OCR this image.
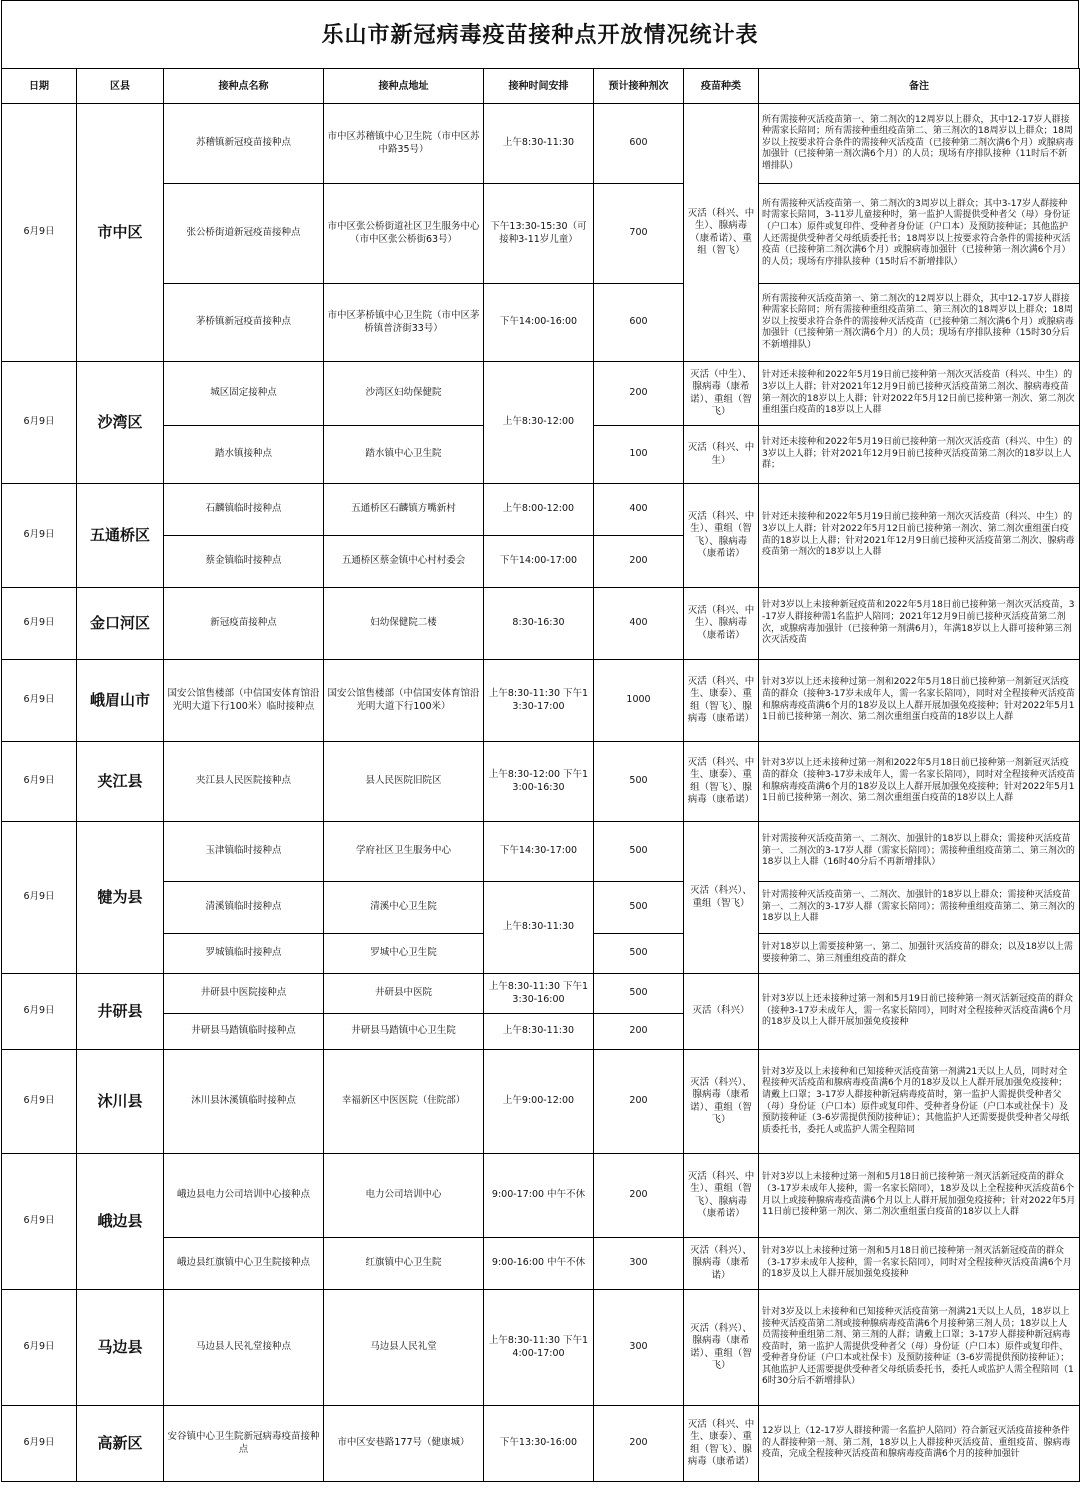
乐山市新冠病毒疫苗接种点开放情况统计表
日期	区县	接种点名称	接种点地址	接种时间安排	预计接种剂次	疫苗种类	备注
6月9日	市中区	苏稽镇新冠疫苗接种点	市中区苏稽镇中心卫生院（市中区苏中路35号）	上午8:30-11:30	600	灭活（科兴、中生）、腺病毒（康希诺）、重组（智飞）	所有需接种灭活疫苗第一、第二剂次的12周岁以上群众，其中12-17岁人群接种需家长陪同；所有需接种重组疫苗第二、第三剂次的18周岁以上群众；18周岁以上按要求符合条件的需接种灭活疫苗（已接种第二剂次满6个月）或腺病毒加强针（已接种第一剂次满6个月）的人员；现场有序排队接种（11时后不新增排队）
		张公桥街道新冠疫苗接种点	市中区张公桥街道社区卫生服务中心（市中区张公桥街63号）	下午13:30-15:30（可接种3-11岁儿童）	700		所有需接种灭活疫苗第一、第二剂次的3周岁以上群众；其中3-17岁人群接种时需家长陪同，3-11岁儿童接种时，第一监护人需提供受种者父（母）身份证（户口本）原件或复印件、受种者身份证（户口本）及预防接种证；其他监护人还需提供受种者父母纸质委托书；18周岁以上按要求符合条件的需接种灭活疫苗（已接种第二剂次满6个月）或腺病毒加强针（已接种第一剂次满6个月）的人员；现场有序排队接种（15时后不新增排队）
		茅桥镇新冠疫苗接种点	市中区茅桥镇中心卫生院（市中区茅桥镇普济街33号）	下午14:00-16:00	600		所有需接种灭活疫苗第一、第二剂次的12周岁以上群众，其中12-17岁人群接种需家长陪同；所有需接种重组疫苗第二、第三剂次的18周岁以上群众；18周岁以上按要求符合条件的需接种灭活疫苗（已接种第二剂次满6个月）或腺病毒加强针（已接种第一剂次满6个月）的人员；现场有序排队接种（15时30分后不新增排队）
6月9日	沙湾区	城区固定接种点	沙湾区妇幼保健院	上午8:30-12:00	200	灭活（中生）、腺病毒（康希诺）、重组（智飞）	针对还未接种和2022年5月19日前已接种第一剂次灭活疫苗（科兴、中生）的3岁以上人群；针对2021年12月9日前已接种灭活疫苗第二剂次、腺病毒疫苗第一剂次的18岁以上人群；针对2022年5月12日前已接种第一剂次、第二剂次重组蛋白疫苗的18岁以上人群
		踏水镇接种点	踏水镇中心卫生院		100	灭活（科兴、中生）	针对还未接种和2022年5月19日前已接种第一剂次灭活疫苗（科兴、中生）的3岁以上人群；针对2021年12月9日前已接种灭活疫苗第二剂次的18岁以上人群；
6月9日	五通桥区	石麟镇临时接种点	五通桥区石麟镇方嘴新村	上午8:00-12:00	400	灭活（科兴、中生）、重组（智飞）、腺病毒（康希诺）	针对还未接种和2022年5月19日前已接种第一剂次灭活疫苗（科兴、中生）的3岁以上人群；针对2022年5月12日前已接种第一剂次、第二剂次重组蛋白疫苗的18岁以上人群；针对2021年12月9日前已接种灭活疫苗第二剂次、腺病毒疫苗第一剂次的18岁以上人群
		蔡金镇临时接种点	五通桥区蔡金镇中心村村委会	下午14:00-17:00	200		
6月9日	金口河区	新冠疫苗接种点	妇幼保健院二楼	8:30-16:30	400	灭活（科兴、中生）、腺病毒（康希诺）	针对3岁以上未接种新冠疫苗和2022年5月18日前已接种第一剂次灭活疫苗，3-17岁人群接种需1名监护人陪同；2021年12月9日前已接种灭活疫苗第二剂次，或腺病毒加强针（已接种第一剂满6月），年满18岁以上人群可接种第三剂次灭活疫苗
6月9日	峨眉山市	国安公馆售楼部（中信国安体育馆沿光明大道下行100米）临时接种点	国安公馆售楼部（中信国安体育馆沿光明大道下行100米）	上午8:30-11:30 下午13:30-17:00	1000	灭活（科兴、中生、康泰）、重组（智飞）、腺病毒（康希诺）	针对3岁以上还未接种过第一剂和2022年5月18日前已接种第一剂新冠灭活疫苗的群众（接种3-17岁未成年人，需一名家长陪同），同时对全程接种灭活疫苗和腺病毒疫苗满6个月的18岁及以上人群开展加强免疫接种；针对2022年5月11日前已接种第一剂次、第二剂次重组蛋白疫苗的18岁以上人群
6月9日	夹江县	夹江县人民医院接种点	县人民医院旧院区	上午8:30-12:00 下午13:00-16:30	500	灭活（科兴、中生、康泰）、重组（智飞）、腺病毒（康希诺）	针对3岁以上还未接种过第一剂和2022年5月18日前已接种第一剂新冠灭活疫苗的群众（接种3-17岁未成年人，需一名家长陪同），同时对全程接种灭活疫苗和腺病毒疫苗满6个月的18岁及以上人群开展加强免疫接种；针对2022年5月11日前已接种第一剂次、第二剂次重组蛋白疫苗的18岁以上人群
6月9日	犍为县	玉津镇临时接种点	学府社区卫生服务中心	下午14:30-17:00	500	灭活（科兴）、重组（智飞）	针对需接种灭活疫苗第一、二剂次、加强针的18岁以上群众；需接种灭活疫苗第一、二剂次的3-17岁人群（需家长陪同）；需接种重组疫苗第二、第三剂次的18岁以上人群（16时40分后不再新增排队）
		清溪镇临时接种点	清溪中心卫生院	上午8:30-11:30	500		针对需接种灭活疫苗第一、二剂次、加强针的18岁以上群众；需接种灭活疫苗第一、二剂次的3-17岁人群（需家长陪同）；需接种重组疫苗第二、第三剂次的18岁以上人群
		罗城镇临时接种点	罗城中心卫生院		500		针对18岁以上需要接种第一、第二、加强针灭活疫苗的群众；以及18岁以上需要接种第二、第三剂重组疫苗的群众
6月9日	井研县	井研县中医院接种点	井研县中医院	上午8:30-11:30 下午13:30-16:00	500	灭活（科兴）	针对3岁以上还未接种过第一剂和5月19日前已接种第一剂灭活新冠疫苗的群众（接种3-17岁未成年人，需一名家长陪同），同时对全程接种灭活疫苗满6个月的18岁及以上人群开展加强免疫接种
		井研县马踏镇临时接种点	井研县马踏镇中心卫生院	上午8:30-11:30	200		
6月9日	沐川县	沐川县沐溪镇临时接种点	幸福新区中医医院（住院部）	上午9:00-12:00	200	灭活（科兴）、腺病毒（康希诺）、重组（智飞）	针对3岁及以上未接种和已知接种灭活疫苗第一剂满21天以上人员，同时对全程接种灭活疫苗和腺病毒疫苗满6个月的18岁及以上人群开展加强免疫接种；请戴上口罩；3-17岁人群接种新冠病毒疫苗时，第一监护人需提供受种者父（母）身份证（户口本）原件或复印件、受种者身份证（户口本或社保卡）及预防接种证（3-6岁需提供预防接种证）；其他监护人还需要提供受种者父母纸质委托书，委托人或监护人需全程陪同
6月9日	峨边县	峨边县电力公司培训中心接种点	电力公司培训中心	9:00-17:00 中午不休	200	灭活（科兴、中生）、重组（智飞）、腺病毒（康希诺）	针对3岁以上未接种过第一剂和5月18日前已接种第一剂灭活新冠疫苗的群众（3-17岁未成年人接种，需一名家长陪同），18岁及以上全程接种灭活疫苗6个月以上或接种腺病毒疫苗满6个月以上人群开展加强免疫接种；针对2022年5月11日前已接种第一剂次、第二剂次重组蛋白疫苗的18岁以上人群
		峨边县红旗镇中心卫生院接种点	红旗镇中心卫生院	9:00-16:00 中午不休	300	灭活（科兴）、腺病毒（康希诺）	针对3岁以上未接种过第一剂和5月18日前已接种第一剂灭活新冠疫苗的群众（3-17岁未成年人接种，需一名家长陪同），同时对全程接种灭活疫苗满6个月的18岁及以上人群开展加强免疫接种
6月9日	马边县	马边县人民礼堂接种点	马边县人民礼堂	上午8:30-11:30 下午14:00-17:00	300	灭活（科兴）、腺病毒（康希诺）、重组（智飞）	针对3岁及以上未接种和已知接种灭活疫苗第一剂满21天以上人员，18岁以上接种灭活疫苗第二剂或接种腺病毒疫苗满6个月接种第三剂人员；18岁以上人员需接种重组第二剂、第三剂的人群；请戴上口罩；3-17岁人群接种新冠病毒疫苗时，第一监护人需提供受种者父（母）身份证（户口本）原件或复印件、受种者身份证（户口本或社保卡）及预防接种证（3-6岁需提供预防接种证）；其他监护人还需要提供受种者父母纸质委托书，委托人或监护人需全程陪同（16时30分后不新增排队）
6月9日	高新区	安谷镇中心卫生院新冠病毒疫苗接种点	市中区安巷路177号（健康城）	下午13:30-16:00	200	灭活（科兴、中生、康泰）、重组（智飞）、腺病毒（康希诺）	12岁以上（12-17岁人群接种需一名监护人陪同）符合新冠灭活疫苗接种条件的人群接种第一剂、第二剂，18岁以上人群接种灭活疫苗、重组疫苗、腺病毒疫苗，完成全程接种灭活疫苗和腺病毒疫苗满6个月的接种加强针
